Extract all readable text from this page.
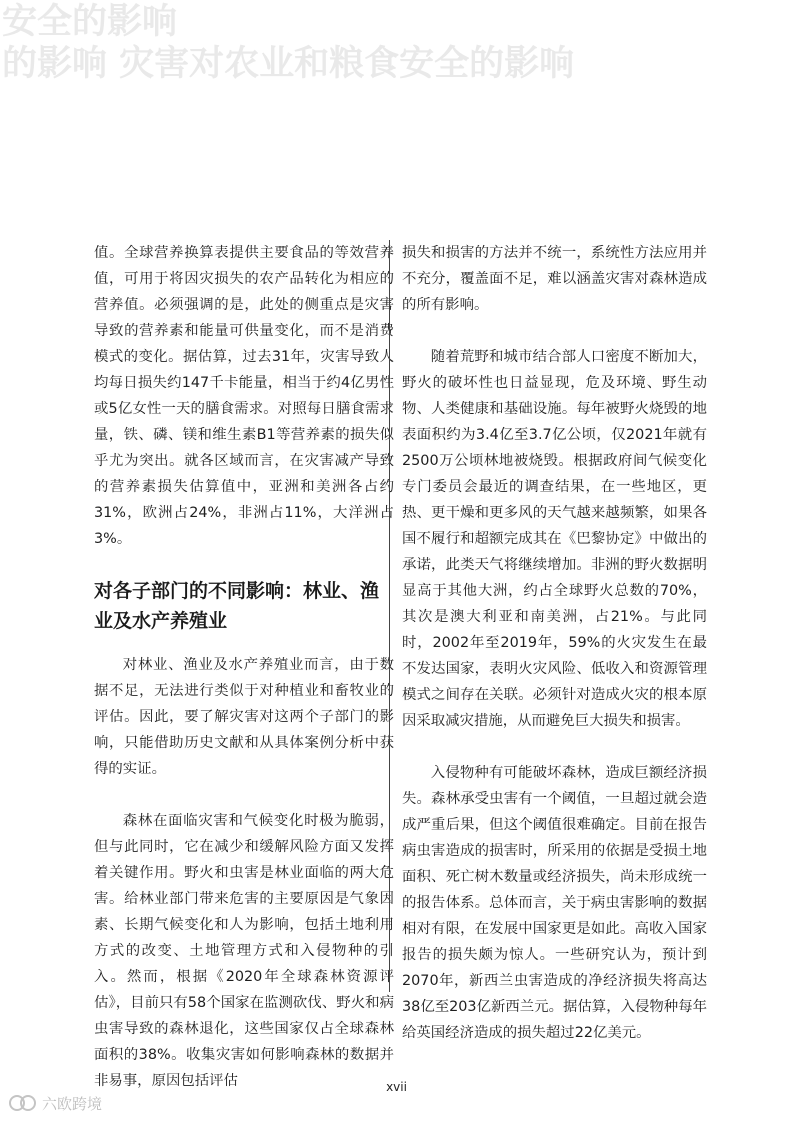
安全的影响
的影响 灾害对农业和粮食安全的影响

值。全球营养换算表提供主要食品的等效营养值，可用于将因灾损失的农产品转化为相应的营养值。必须强调的是，此处的侧重点是灾害导致的营养素和能量可供量变化，而不是消费模式的变化。据估算，过去31年，灾害导致人均每日损失约147千卡能量，相当于约4亿男性或5亿女性一天的膳食需求。对照每日膳食需求量，铁、磷、镁和维生素B1等营养素的损失似乎尤为突出。就各区域而言，在灾害减产导致的营养素损失估算值中，亚洲和美洲各占约31%，欧洲占24%，非洲占11%，大洋洲占3%。

对各子部门的不同影响：林业、渔业及水产养殖业

对林业、渔业及水产养殖业而言，由于数据不足，无法进行类似于对种植业和畜牧业的评估。因此，要了解灾害对这两个子部门的影响，只能借助历史文献和从具体案例分析中获得的实证。

森林在面临灾害和气候变化时极为脆弱，但与此同时，它在减少和缓解风险方面又发挥着关键作用。野火和虫害是林业面临的两大危害。给林业部门带来危害的主要原因是气象因素、长期气候变化和人为影响，包括土地利用方式的改变、土地管理方式和入侵物种的引入。然而，根据《2020年全球森林资源评估》，目前只有58个国家在监测砍伐、野火和病虫害导致的森林退化，这些国家仅占全球森林面积的38%。收集灾害如何影响森林的数据并非易事，原因包括评估

损失和损害的方法并不统一，系统性方法应用并不充分，覆盖面不足，难以涵盖灾害对森林造成的所有影响。

随着荒野和城市结合部人口密度不断加大，野火的破坏性也日益显现，危及环境、野生动物、人类健康和基础设施。每年被野火烧毁的地表面积约为3.4亿至3.7亿公顷，仅2021年就有2500万公顷林地被烧毁。根据政府间气候变化专门委员会最近的调查结果，在一些地区，更热、更干燥和更多风的天气越来越频繁，如果各国不履行和超额完成其在《巴黎协定》中做出的承诺，此类天气将继续增加。非洲的野火数据明显高于其他大洲，约占全球野火总数的70%，其次是澳大利亚和南美洲，占21%。与此同时，2002年至2019年，59%的火灾发生在最不发达国家，表明火灾风险、低收入和资源管理模式之间存在关联。必须针对造成火灾的根本原因采取减灾措施，从而避免巨大损失和损害。

入侵物种有可能破坏森林，造成巨额经济损失。森林承受虫害有一个阈值，一旦超过就会造成严重后果，但这个阈值很难确定。目前在报告病虫害造成的损害时，所采用的依据是受损土地面积、死亡树木数量或经济损失，尚未形成统一的报告体系。总体而言，关于病虫害影响的数据相对有限，在发展中国家更是如此。高收入国家报告的损失颇为惊人。一些研究认为，预计到2070年，新西兰虫害造成的净经济损失将高达38亿至203亿新西兰元。据估算，入侵物种每年给英国经济造成的损失超过22亿美元。

xvii
六欧跨境
